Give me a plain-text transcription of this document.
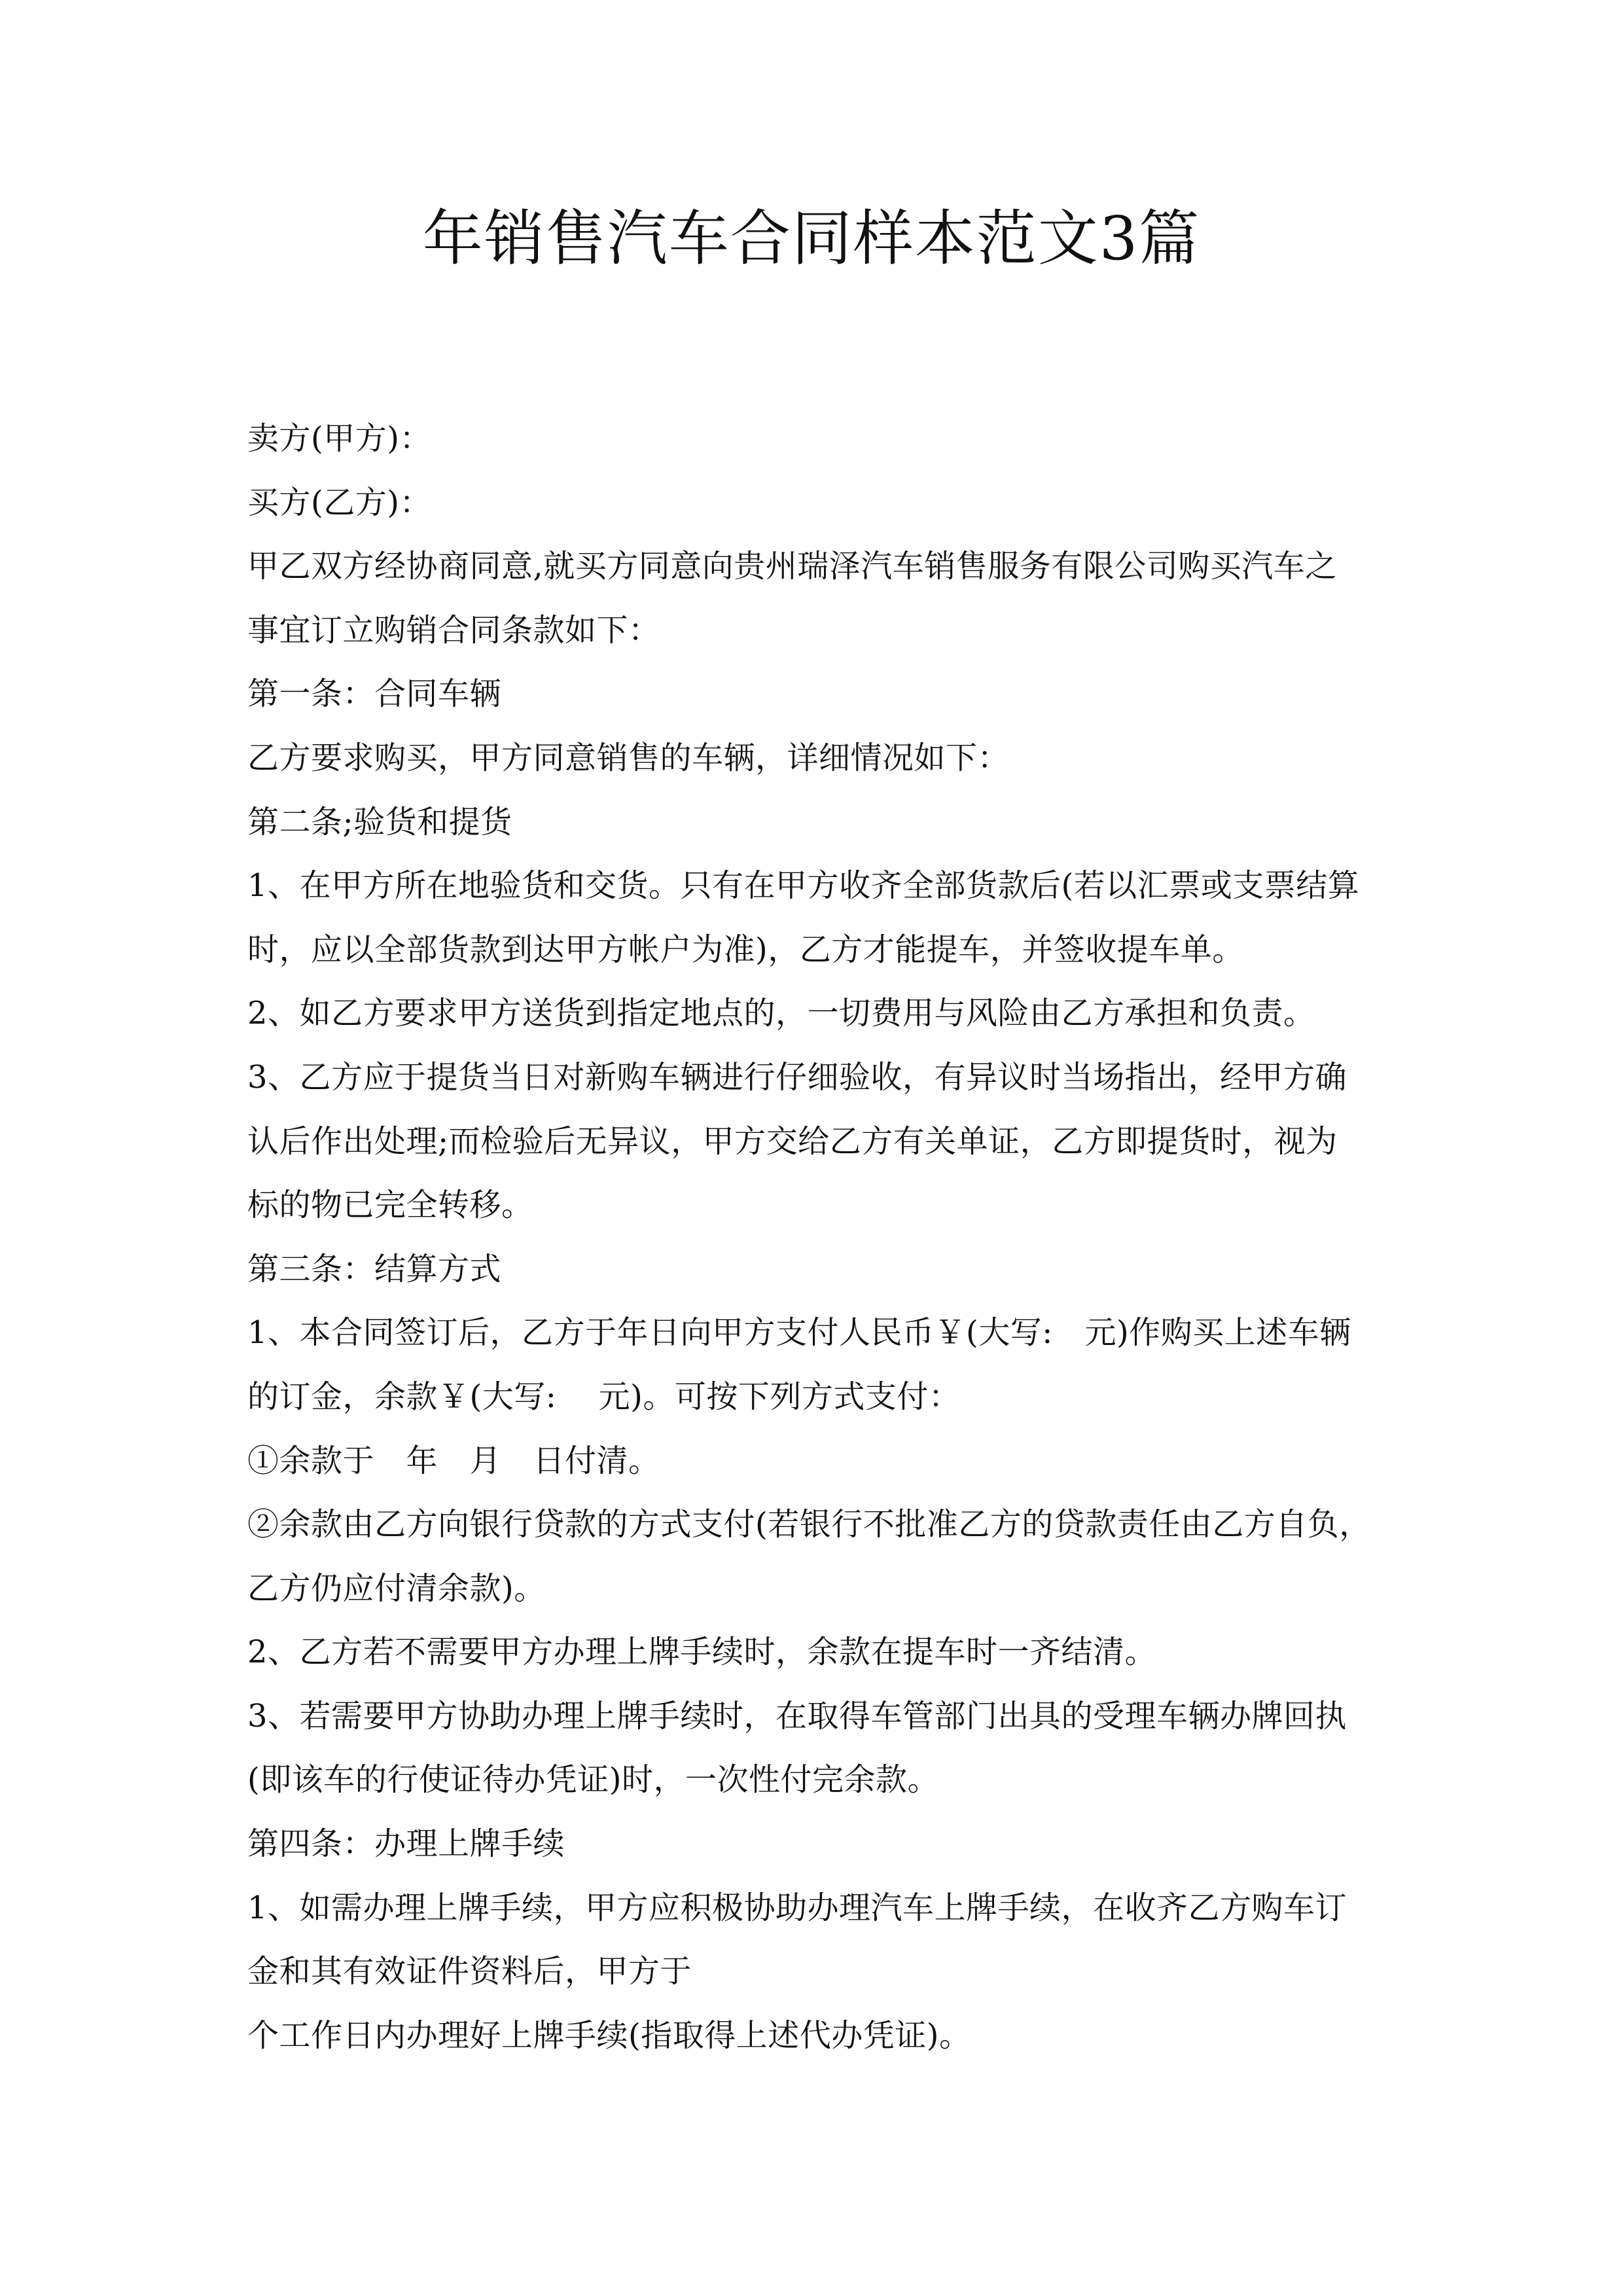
年销售汽车合同样本范文3篇
卖方(甲方)：
买方(乙方)：
甲乙双方经协商同意,就买方同意向贵州瑞泽汽车销售服务有限公司购买汽车之
事宜订立购销合同条款如下：
第一条：合同车辆
乙方要求购买，甲方同意销售的车辆，详细情况如下：
第二条;验货和提货
1、在甲方所在地验货和交货。只有在甲方收齐全部货款后(若以汇票或支票结算
时，应以全部货款到达甲方帐户为准)，乙方才能提车，并签收提车单。
2、如乙方要求甲方送货到指定地点的，一切费用与风险由乙方承担和负责。
3、乙方应于提货当日对新购车辆进行仔细验收，有异议时当场指出，经甲方确
认后作出处理;而检验后无异议，甲方交给乙方有关单证，乙方即提货时，视为
标的物已完全转移。
第三条：结算方式
1、本合同签订后，乙方于年日向甲方支付人民币￥(大写:　元)作购买上述车辆
的订金，余款￥(大写:　 元)。可按下列方式支付：
①余款于　年　月　日付清。
②余款由乙方向银行贷款的方式支付(若银行不批准乙方的贷款责任由乙方自负，
乙方仍应付清余款)。
2、乙方若不需要甲方办理上牌手续时，余款在提车时一齐结清。
3、若需要甲方协助办理上牌手续时，在取得车管部门出具的受理车辆办牌回执
(即该车的行使证待办凭证)时，一次性付完余款。
第四条：办理上牌手续
1、如需办理上牌手续，甲方应积极协助办理汽车上牌手续，在收齐乙方购车订
金和其有效证件资料后，甲方于
个工作日内办理好上牌手续(指取得上述代办凭证)。
